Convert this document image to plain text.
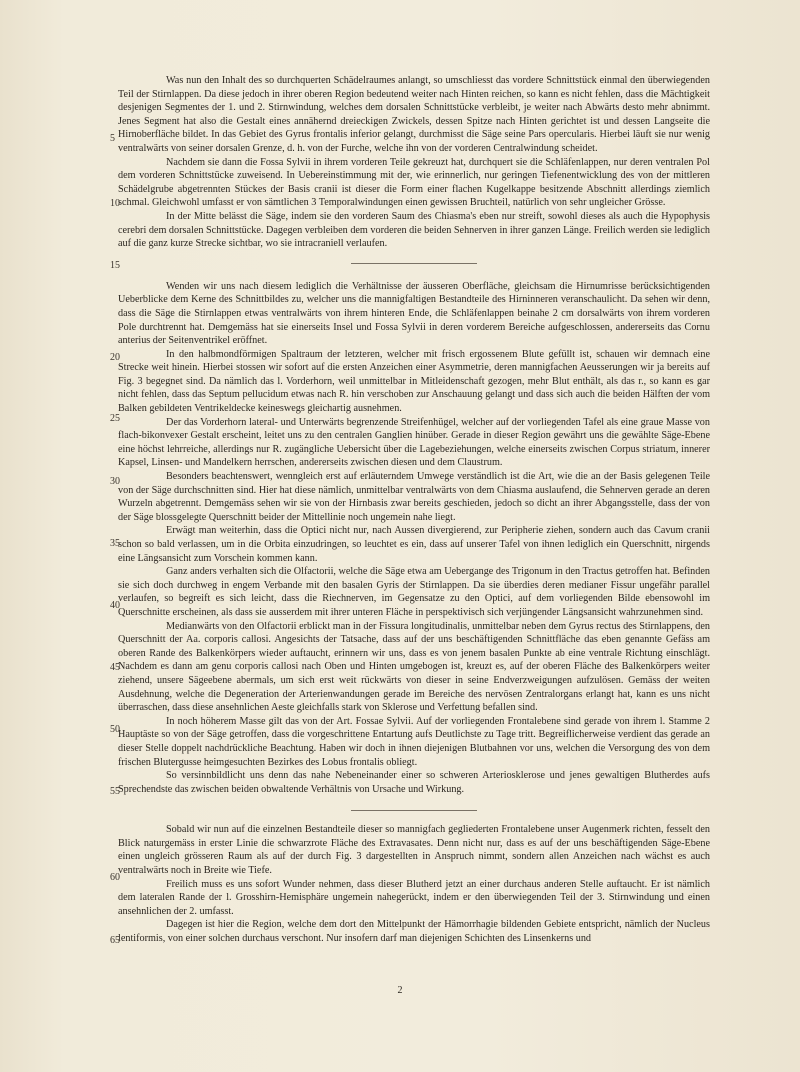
Was nun den Inhalt des so durchquerten Schädelraumes anlangt, so umschliesst das vordere Schnittstück einmal den überwiegenden Teil der Stirnlappen. Da diese jedoch in ihrer oberen Region bedeutend weiter nach Hinten reichen, so kann es nicht fehlen, dass die Mächtigkeit desjenigen Segmentes der 1. und 2. Stirnwindung, welches dem dorsalen Schnittstücke verbleibt, je weiter nach Abwärts desto mehr abnimmt. Jenes Segment hat also die Gestalt eines annähernd dreieckigen Zwickels, dessen Spitze nach Hinten gerichtet ist und dessen Langseite die Hirnoberfläche bildet. In das Gebiet des Gyrus frontalis inferior gelangt, durchmisst die Säge seine Pars opercularis. Hierbei läuft sie nur wenig ventralwärts von seiner dorsalen Grenze, d. h. von der Furche, welche ihn von der vorderen Centralwindung scheidet.

Nachdem sie dann die Fossa Sylvii in ihrem vorderen Teile gekreuzt hat, durchquert sie die Schläfenlappen, nur deren ventralen Pol dem vorderen Schnittstücke zuweisend. In Uebereinstimmung mit der, wie erinnerlich, nur geringen Tiefenentwicklung des von der mittleren Schädelgrube abgetrennten Stückes der Basis cranii ist dieser die Form einer flachen Kugelkappe besitzende Abschnitt allerdings ziemlich schmal. Gleichwohl umfasst er von sämtlichen 3 Temporalwindungen einen gewissen Bruchteil, natürlich von sehr ungleicher Grösse.

In der Mitte belässt die Säge, indem sie den vorderen Saum des Chiasma's eben nur streift, sowohl dieses als auch die Hypophysis cerebri dem dorsalen Schnittstücke. Dagegen verbleiben dem vorderen die beiden Sehnerven in ihrer ganzen Länge. Freilich werden sie lediglich auf die ganz kurze Strecke sichtbar, wo sie intracraniell verlaufen.

Wenden wir uns nach diesem lediglich die Verhältnisse der äusseren Oberfläche, gleichsam die Hirnumrisse berücksichtigenden Ueberblicke dem Kerne des Schnittbildes zu, welcher uns die mannigfaltigen Bestandteile des Hirninneren veranschaulicht. Da sehen wir denn, dass die Säge die Stirnlappen etwas ventralwärts von ihrem hinteren Ende, die Schläfenlappen beinahe 2 cm dorsalwärts von ihrem vorderen Pole durchtrennt hat. Demgemäss hat sie einerseits Insel und Fossa Sylvii in deren vorderem Bereiche aufgeschlossen, andererseits das Cornu anterius der Seitenventrikel eröffnet.

In den halbmondförmigen Spaltraum der letzteren, welcher mit frisch ergossenem Blute gefüllt ist, schauen wir demnach eine Strecke weit hinein. Hierbei stossen wir sofort auf die ersten Anzeichen einer Asymmetrie, deren mannigfachen Aeusserungen wir ja bereits auf Fig. 3 begegnet sind. Da nämlich das l. Vorderhorn, weil unmittelbar in Mitleidenschaft gezogen, mehr Blut enthält, als das r., so kann es gar nicht fehlen, dass das Septum pellucidum etwas nach R. hin verschoben zur Anschauung gelangt und dass sich auch die beiden Hälften der vom Balken gebildeten Ventrikeldecke keineswegs gleichartig ausnehmen.

Der das Vorderhorn lateral- und Unterwärts begrenzende Streifenhügel, welcher auf der vorliegenden Tafel als eine graue Masse von flach-bikonvexer Gestalt erscheint, leitet uns zu den centralen Ganglien hinüber. Gerade in dieser Region gewährt uns die gewählte Säge-Ebene eine höchst lehrreiche, allerdings nur R. zugängliche Uebersicht über die Lagebeziehungen, welche einerseits zwischen Corpus striatum, innerer Kapsel, Linsen- und Mandelkern herrschen, andererseits zwischen diesen und dem Claustrum.

Besonders beachtenswert, wenngleich erst auf erläuterndem Umwege verständlich ist die Art, wie die an der Basis gelegenen Teile von der Säge durchschnitten sind. Hier hat diese nämlich, unmittelbar ventralwärts von dem Chiasma auslaufend, die Sehnerven gerade an deren Wurzeln abgetrennt. Demgemäss sehen wir sie von der Hirnbasis zwar bereits geschieden, jedoch so dicht an ihrer Abgangsstelle, dass der von der Säge blossgelegte Querschnitt beider der Mittellinie noch ungemein nahe liegt.

Erwägt man weiterhin, dass die Optici nicht nur, nach Aussen divergierend, zur Peripherie ziehen, sondern auch das Cavum cranii schon so bald verlassen, um in die Orbita einzudringen, so leuchtet es ein, dass auf unserer Tafel von ihnen lediglich ein Querschnitt, nirgends eine Längsansicht zum Vorschein kommen kann.

Ganz anders verhalten sich die Olfactorii, welche die Säge etwa am Uebergange des Trigonum in den Tractus getroffen hat. Befinden sie sich doch durchweg in engem Verbande mit den basalen Gyris der Stirnlappen. Da sie überdies deren medianer Fissur ungefähr parallel verlaufen, so begreift es sich leicht, dass die Riechnerven, im Gegensatze zu den Optici, auf dem vorliegenden Bilde ebensowohl im Querschnitte erscheinen, als dass sie ausserdem mit ihrer unteren Fläche in perspektivisch sich verjüngender Längsansicht wahrzunehmen sind.

Medianwärts von den Olfactorii erblickt man in der Fissura longitudinalis, unmittelbar neben dem Gyrus rectus des Stirnlappens, den Querschnitt der Aa. corporis callosi. Angesichts der Tatsache, dass auf der uns beschäftigenden Schnittfläche das eben genannte Gefäss am oberen Rande des Balkenkörpers wieder auftaucht, erinnern wir uns, dass es von jenem basalen Punkte ab eine ventrale Richtung einschlägt. Nachdem es dann am genu corporis callosi nach Oben und Hinten umgebogen ist, kreuzt es, auf der oberen Fläche des Balkenkörpers weiter ziehend, unsere Sägeebene abermals, um sich erst weit rückwärts von dieser in seine Endverzweigungen aufzulösen. Gemäss der weiten Ausdehnung, welche die Degeneration der Arterienwandungen gerade im Bereiche des nervösen Zentralorgans erlangt hat, kann es uns nicht überraschen, dass diese ansehnlichen Aeste gleichfalls stark von Sklerose und Verfettung befallen sind.

In noch höherem Masse gilt das von der Art. Fossae Sylvii. Auf der vorliegenden Frontalebene sind gerade von ihrem l. Stamme 2 Hauptäste so von der Säge getroffen, dass die vorgeschrittene Entartung aufs Deutlichste zu Tage tritt. Begreiflicherweise verdient das gerade an dieser Stelle doppelt nachdrückliche Beachtung. Haben wir doch in ihnen diejenigen Blutbahnen vor uns, welchen die Versorgung des von dem frischen Blutergusse heimgesuchten Bezirkes des Lobus frontalis obliegt.

So versinnbildlicht uns denn das nahe Nebeneinander einer so schweren Arteriosklerose und jenes gewaltigen Blutherdes aufs Sprechendste das zwischen beiden obwaltende Verhältnis von Ursache und Wirkung.

Sobald wir nun auf die einzelnen Bestandteile dieser so mannigfach gegliederten Frontalebene unser Augenmerk richten, fesselt den Blick naturgemäss in erster Linie die schwarzrote Fläche des Extravasates. Denn nicht nur, dass es auf der uns beschäftigenden Säge-Ebene einen ungleich grösseren Raum als auf der durch Fig. 3 dargestellten in Anspruch nimmt, sondern allen Anzeichen nach wächst es auch ventralwärts noch in Breite wie Tiefe.

Freilich muss es uns sofort Wunder nehmen, dass dieser Blutherd jetzt an einer durchaus anderen Stelle auftaucht. Er ist nämlich dem lateralen Rande der l. Grosshirn-Hemisphäre ungemein nahegerückt, indem er den überwiegenden Teil der 3. Stirnwindung und einen ansehnlichen der 2. umfasst.

Dagegen ist hier die Region, welche dem dort den Mittelpunkt der Hämorrhagie bildenden Gebiete entspricht, nämlich der Nucleus lentiformis, von einer solchen durchaus verschont. Nur insofern darf man diejenigen Schichten des Linsenkerns und

5
10
15
20
25
30
35
40
45
50
55
60
65
2
